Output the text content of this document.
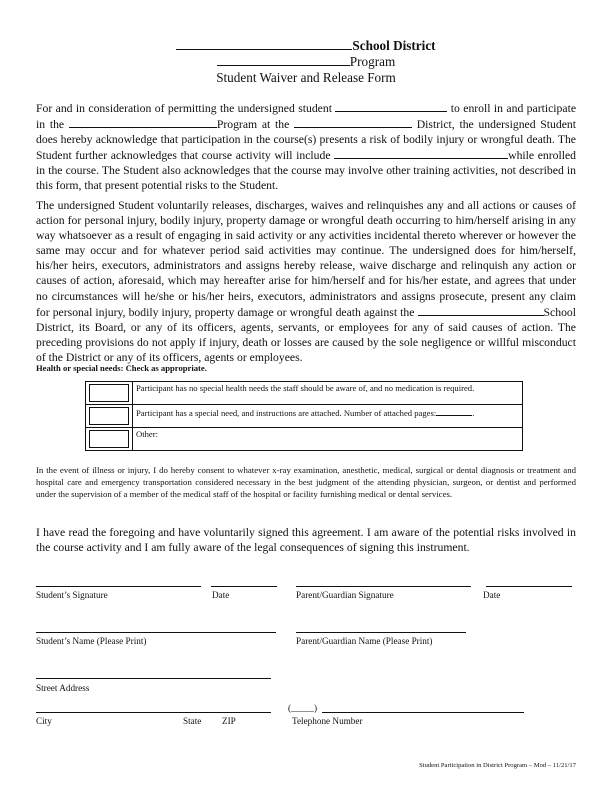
School District
Program
Student Waiver and Release Form

For and in consideration of permitting the undersigned student	to enroll in and participate in the	Program at the	District, the undersigned Student does hereby acknowledge that participation in the course(s) presents a risk of bodily injury or wrongful death. The Student further acknowledges that course activity will include	while enrolled in the course. The Student also acknowledges that the course may involve other training activities, not described in this form, that present potential risks to the Student.

The undersigned Student voluntarily releases, discharges, waives and relinquishes any and all actions or causes of action for personal injury, bodily injury, property damage or wrongful death occurring to him/herself arising in any way whatsoever as a result of engaging in said activity or any activities incidental thereto wherever or however the same may occur and for whatever period said activities may continue. The undersigned does for him/herself, his/her heirs, executors, administrators and assigns hereby release, waive discharge and relinquish any action or causes of action, aforesaid, which may hereafter arise for him/herself and for his/her estate, and agrees that under no circumstances will he/she or his/her heirs, executors, administrators and assigns prosecute, present any claim for personal injury, bodily injury, property damage or wrongful death against the	School District, its Board, or any of its officers, agents, servants, or employees for any of said causes of action. The preceding provisions do not apply if injury, death or losses are caused by the sole negligence or willful misconduct of the District or any of its officers, agents or employees.

Health or special needs: Check as appropriate.
	Participant has no special health needs the staff should be aware of, and no medication is required.

	Participant has a special need, and instructions are attached. Number of attached pages: .

	Other:
In the event of illness or injury, I do hereby consent to whatever x-ray examination, anesthetic, medical, surgical or dental diagnosis or treatment and hospital care and emergency transportation considered necessary in the best judgment of the attending physician, surgeon, or dentist and performed under the supervision of a member of the medical staff of the hospital or facility furnishing medical or dental services.
I have read the foregoing and have voluntarily signed this agreement. I am aware of the potential risks involved in the course activity and I am fully aware of the legal consequences of signing this instrument.
Student’s Signature	Date	Parent/Guardian Signature	Date
Student’s Name (Please Print)	Parent/Guardian Name (Please Print)
Street Address
(_____)
City	State ZIP	Telephone Number
Student Participation in District Program – Mod – 11/21/17
